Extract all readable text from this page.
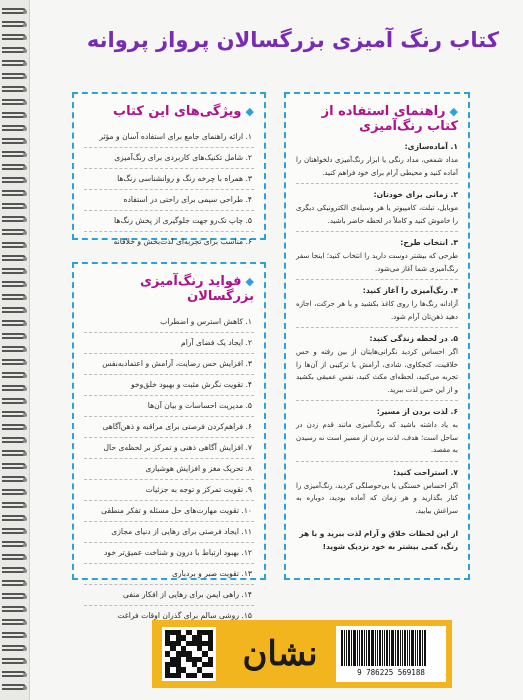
کتاب رنگ آمیزی بزرگسالان پرواز پروانه
◆ویژگی‌های این کتاب
۱. ارائه راهنمای جامع برای استفاده آسان و مؤثر
۲. شامل تکنیک‌های کاربردی برای رنگ‌آمیزی
۳. همراه با چرخه رنگ و روانشناسی رنگ‌ها
۴. طراحی سیمی برای راحتی در استفاده
۵. چاپ تک‌رو جهت جلوگیری از پخش رنگ‌ها
۶. مناسب برای تجربه‌ای لذت‌بخش و خلاقانه
◆فواید رنگ‌آمیزی بزرگسالان
۱. کاهش استرس و اضطراب
۲. ایجاد یک فضای آرام
۳. افزایش حس رضایت، آرامش و اعتماد‌به‌نفس
۴. تقویت نگرش مثبت و بهبود خلق‌وخو
۵. مدیریت احساسات و بیان آن‌ها
۶. فراهم‌کردن فرصتی برای مراقبه و ذهن‌آگاهی
۷. افزایش آگاهی ذهنی و تمرکز بر لحظه‌ی حال
۸. تحریک مغز و افزایش هوشیاری
۹. تقویت تمرکز و توجه به جزئیات
۱۰. تقویت مهارت‌های حل مسئله و تفکر منطقی
۱۱. ایجاد فرصتی برای رهایی از دنیای مجازی
۱۲. بهبود ارتباط با درون و شناخت عمیق‌تر خود
۱۳. تقویت صبر و بردباری
۱۴. راهی ایمن برای رهایی از افکار منفی
۱۵. روشی سالم برای گذران اوقات فراغت
◆راهنمای استفاده از کتاب رنگ‌آمیزی
۱. آماده‌سازی:
مداد شمعی، مداد رنگی یا ابزار رنگ‌آمیزی دلخواهتان را آماده کنید و محیطی آرام برای خود فراهم کنید.
۲. زمانی برای خودتان:
موبایل، تبلت، کامپیوتر یا هر وسیله‌ی الکترونیکی دیگری را خاموش کنید و کاملاً در لحظه حاضر باشید.
۳. انتخاب طرح:
طرحی که بیشتر دوست دارید را انتخاب کنید؛ اینجا سفر رنگ‌آمیزی شما آغاز می‌شود.
۴. رنگ‌آمیزی را آغاز کنید:
آزادانه رنگ‌ها را روی کاغذ بکشید و با هر حرکت، اجازه دهید ذهن‌تان آرام شود.
۵. در لحظه زندگی کنید:
اگر احساس کردید نگرانی‌هایتان از بین رفته و حس خلاقیت، کنجکاوی، شادی، آرامش یا ترکیبی از آن‌ها را تجربه می‌کنید، لحظه‌ای مکث کنید، نفس عمیقی بکشید و از این حس لذت ببرید.
۶. لذت بردن از مسیر:
به یاد داشته باشید که رنگ‌آمیزی مانند قدم زدن در ساحل است؛ هدف، لذت بردن از مسیر است نه رسیدن به مقصد.
۷. استراحت کنید:
اگر احساس خستگی یا بی‌حوصلگی کردید، رنگ‌آمیزی را کنار بگذارید و هر زمان که آماده بودید، دوباره به سراغش بیایید.
از این لحظات خلاق و آرام لذت ببرید و با هر رنگ، کمی بیشتر به خود نزدیک شوید!
نشان	9 786225 569188
